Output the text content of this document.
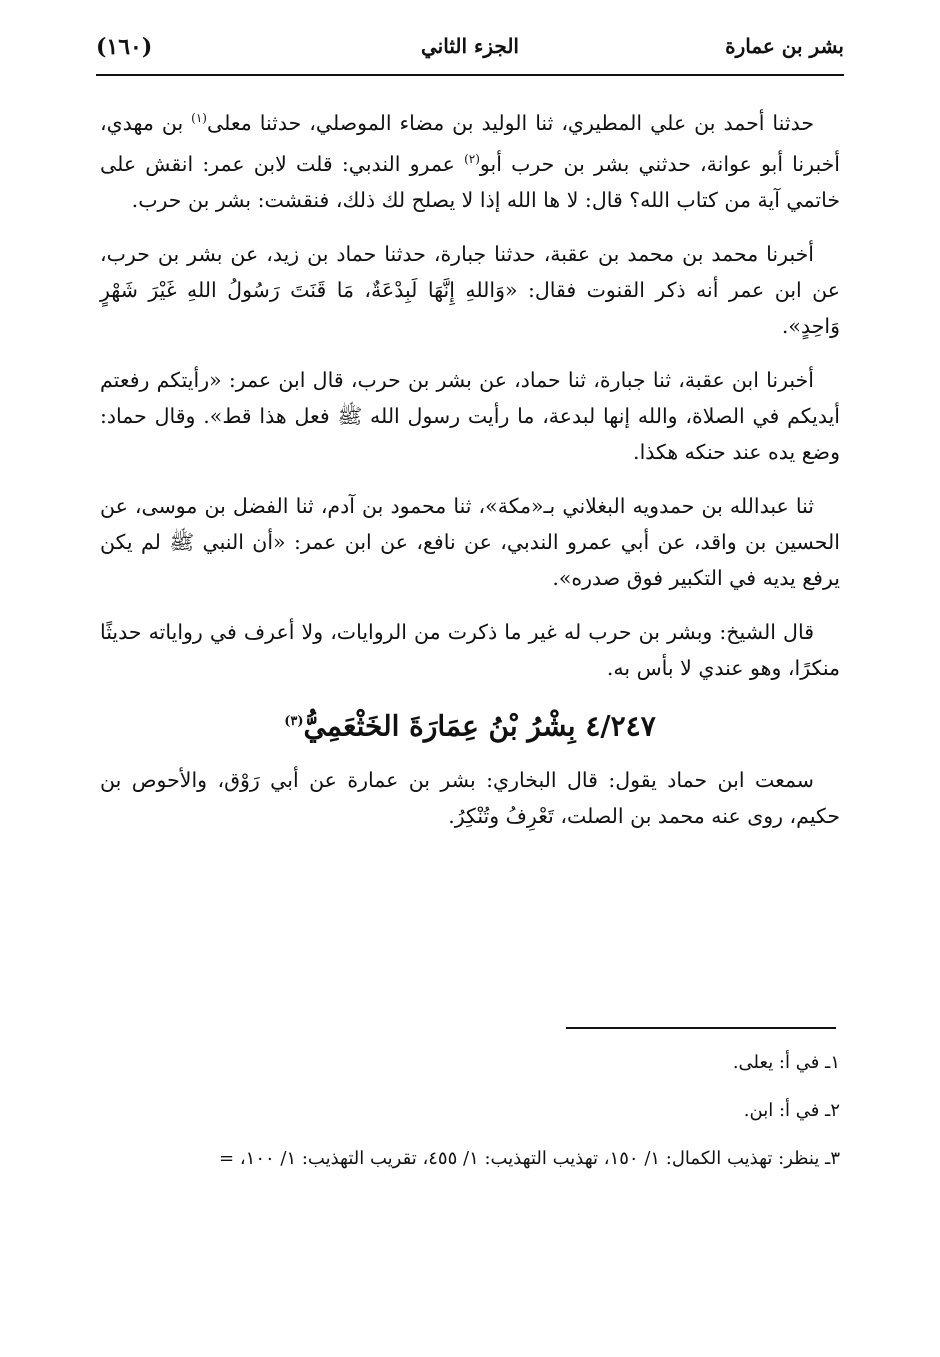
بشر بن عمارة
الجزء الثاني
(١٦٠)

حدثنا أحمد بن علي المطيري، ثنا الوليد بن مضاء الموصلي، حدثنا معلى$^{(١)}$ بن مهدي، أخبرنا أبو عوانة، حدثني بشر بن حرب أبو$^{(٢)}$ عمرو الندبي: قلت لابن عمر: انقش على خاتمي آية من كتاب الله؟ قال: لا ها الله إذا لا يصلح لك ذلك، فنقشت: بشر بن حرب.

أخبرنا محمد بن محمد بن عقبة، حدثنا جبارة، حدثنا حماد بن زيد، عن بشر بن حرب، عن ابن عمر أنه ذكر القنوت فقال: «وَاللهِ إِنَّهَا لَبِدْعَةٌ، مَا قَنَتَ رَسُولُ اللهِ غَيْرَ شَهْرٍ وَاحِدٍ».

أخبرنا ابن عقبة، ثنا جبارة، ثنا حماد، عن بشر بن حرب، قال ابن عمر: «رأيتكم رفعتم أيديكم في الصلاة، والله إنها لبدعة، ما رأيت رسول الله ﷺ فعل هذا قط». وقال حماد: وضع يده عند حنكه هكذا.

ثنا عبدالله بن حمدويه البغلاني بـ«مكة»، ثنا محمود بن آدم، ثنا الفضل بن موسى، عن الحسين بن واقد، عن أبي عمرو الندبي، عن نافع، عن ابن عمر: «أن النبي ﷺ لم يكن يرفع يديه في التكبير فوق صدره».

قال الشيخ: وبشر بن حرب له غير ما ذكرت من الروايات، ولا أعرف في رواياته حديثًا منكرًا، وهو عندي لا بأس به.

٤/٢٤٧ بِشْرُ بْنُ عِمَارَةَ الخَثْعَمِيُّ$^{(٣)}$

سمعت ابن حماد يقول: قال البخاري: بشر بن عمارة عن أبي رَوْق، والأحوص بن حكيم، روى عنه محمد بن الصلت، تَعْرِفُ وتُنْكِرُ.

١ـ في أ: يعلى.
٢ـ في أ: ابن.
٣ـ ينظر: تهذيب الكمال: ١/ ١٥٠، تهذيب التهذيب: ١/ ٤٥٥، تقريب التهذيب: ١/ ١٠٠، =
